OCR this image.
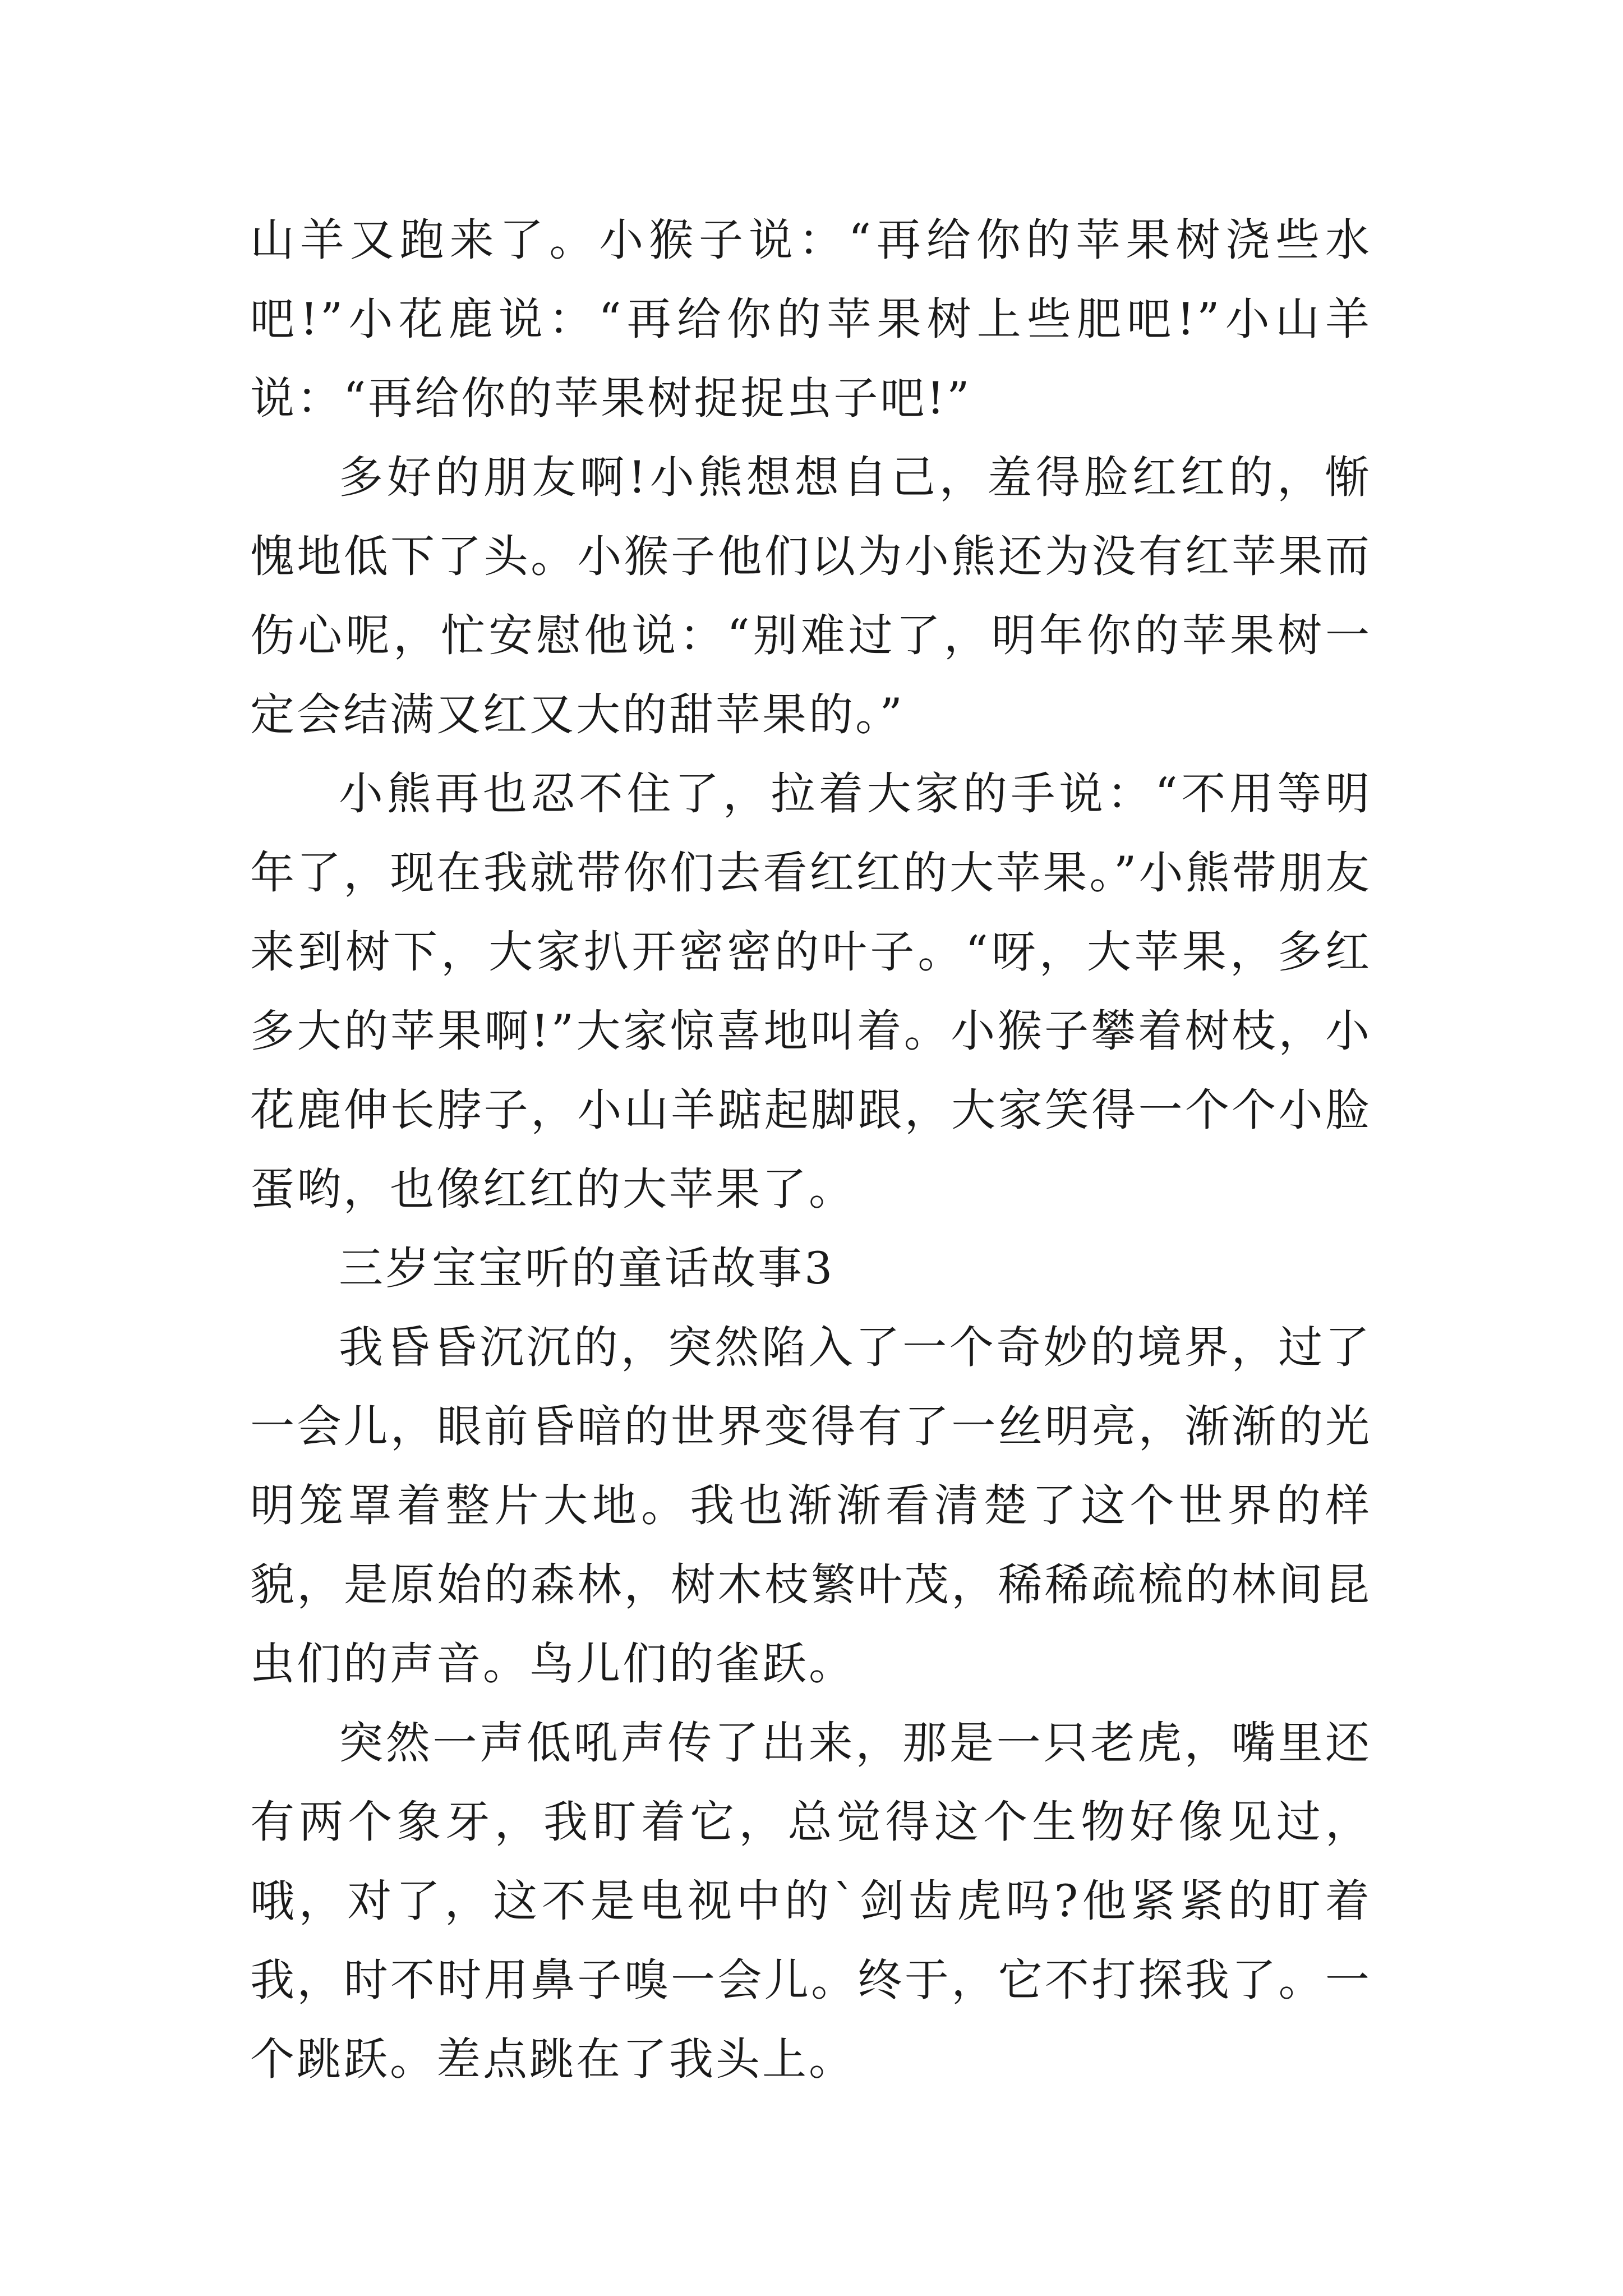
山羊又跑来了。小猴子说：“再给你的苹果树浇些水吧!”小花鹿说：“再给你的苹果树上些肥吧!”小山羊说：“再给你的苹果树捉捉虫子吧!”

多好的朋友啊!小熊想想自己，羞得脸红红的，惭愧地低下了头。小猴子他们以为小熊还为没有红苹果而伤心呢，忙安慰他说：“别难过了，明年你的苹果树一定会结满又红又大的甜苹果的。”

小熊再也忍不住了，拉着大家的手说：“不用等明年了，现在我就带你们去看红红的大苹果。”小熊带朋友来到树下，大家扒开密密的叶子。“呀，大苹果，多红多大的苹果啊!”大家惊喜地叫着。小猴子攀着树枝，小花鹿伸长脖子，小山羊踮起脚跟，大家笑得一个个小脸蛋哟，也像红红的大苹果了。

三岁宝宝听的童话故事3

我昏昏沉沉的，突然陷入了一个奇妙的境界，过了一会儿，眼前昏暗的世界变得有了一丝明亮，渐渐的光明笼罩着整片大地。我也渐渐看清楚了这个世界的样貌，是原始的森林，树木枝繁叶茂，稀稀疏梳的林间昆虫们的声音。鸟儿们的雀跃。

突然一声低吼声传了出来，那是一只老虎，嘴里还有两个象牙，我盯着它，总觉得这个生物好像见过，哦，对了，这不是电视中的`剑齿虎吗?他紧紧的盯着我，时不时用鼻子嗅一会儿。终于，它不打探我了。一个跳跃。差点跳在了我头上。
